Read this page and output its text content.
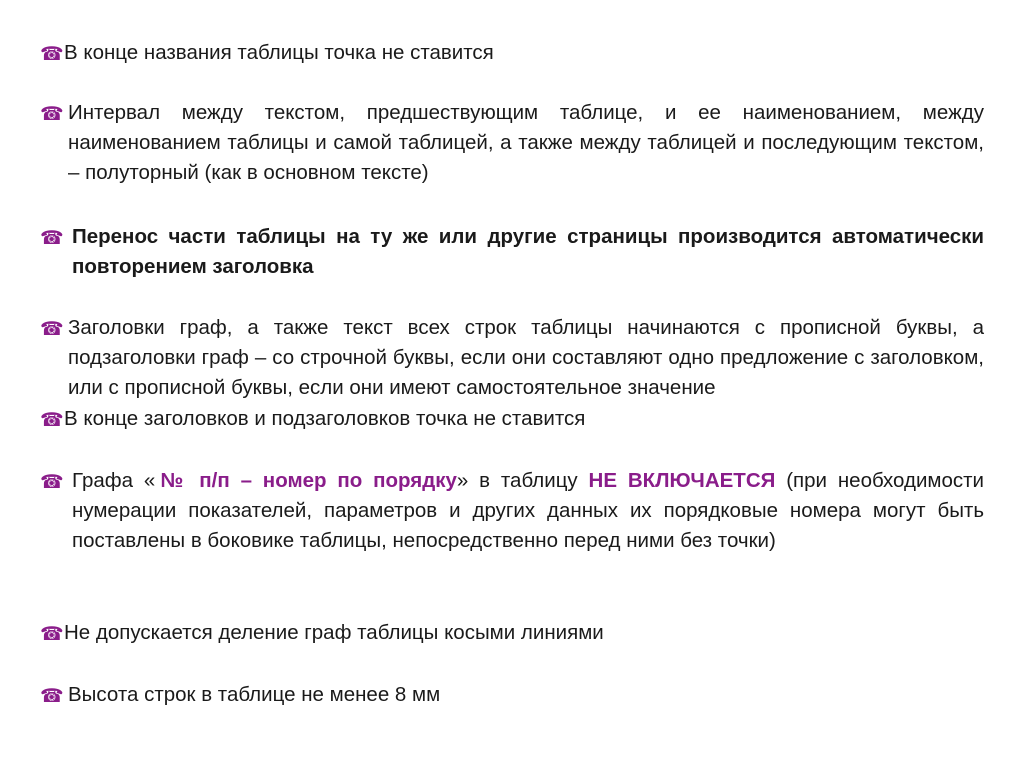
☎ В конце названия таблицы точка не ставится
☎ Интервал между текстом, предшествующим таблице, и ее наименованием, между наименованием таблицы и самой таблицей, а также между таблицей и последующим текстом, – полуторный (как в основном тексте)
☎ Перенос части таблицы на ту же или другие страницы производится автоматически повторением заголовка
☎ Заголовки граф, а также текст всех строк таблицы начинаются с прописной буквы, а подзаголовки граф – со строчной буквы, если они составляют одно предложение с заголовком, или с прописной буквы, если они имеют самостоятельное значение
☎ В конце заголовков и подзаголовков точка не ставится
☎ Графа «№ п/п – номер по порядку» в таблицу НЕ ВКЛЮЧАЕТСЯ (при необходимости нумерации показателей, параметров и других данных их порядковые номера могут быть поставлены в боковике таблицы, непосредственно перед ними без точки)
☎ Не допускается деление граф таблицы косыми линиями
☎ Высота строк в таблице не менее 8 мм
